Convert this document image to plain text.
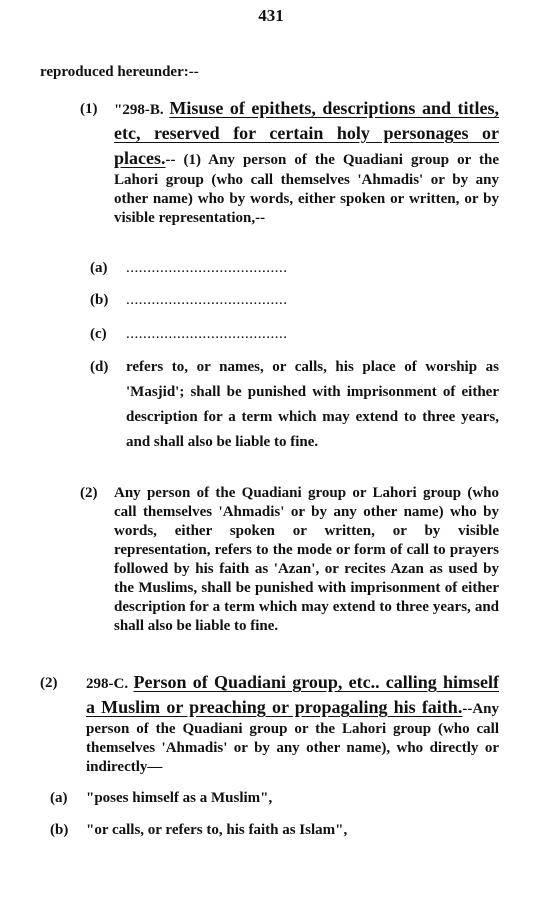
431
reproduced hereunder:--
(1) "298-B. Misuse of epithets, descriptions and titles, etc, reserved for certain holy personages or places.-- (1) Any person of the Quadiani group or the Lahori group (who call themselves 'Ahmadis' or by any other name) who by words, either spoken or written, or by visible representation,--
(a) ......................................
(b) ......................................
(c) ......................................
(d) refers to, or names, or calls, his place of worship as 'Masjid'; shall be punished with imprisonment of either description for a term which may extend to three years, and shall also be liable to fine.
(2) Any person of the Quadiani group or Lahori group (who call themselves 'Ahmadis' or by any other name) who by words, either spoken or written, or by visible representation, refers to the mode or form of call to prayers followed by his faith as 'Azan', or recites Azan as used by the Muslims, shall be punished with imprisonment of either description for a term which may extend to three years, and shall also be liable to fine.
(2) 298-C. Person of Quadiani group, etc.. calling himself a Muslim or preaching or propagaling his faith.--Any person of the Quadiani group or the Lahori group (who call themselves 'Ahmadis' or by any other name), who directly or indirectly—
(a) "poses himself as a Muslim",
(b) "or calls, or refers to, his faith as Islam",
